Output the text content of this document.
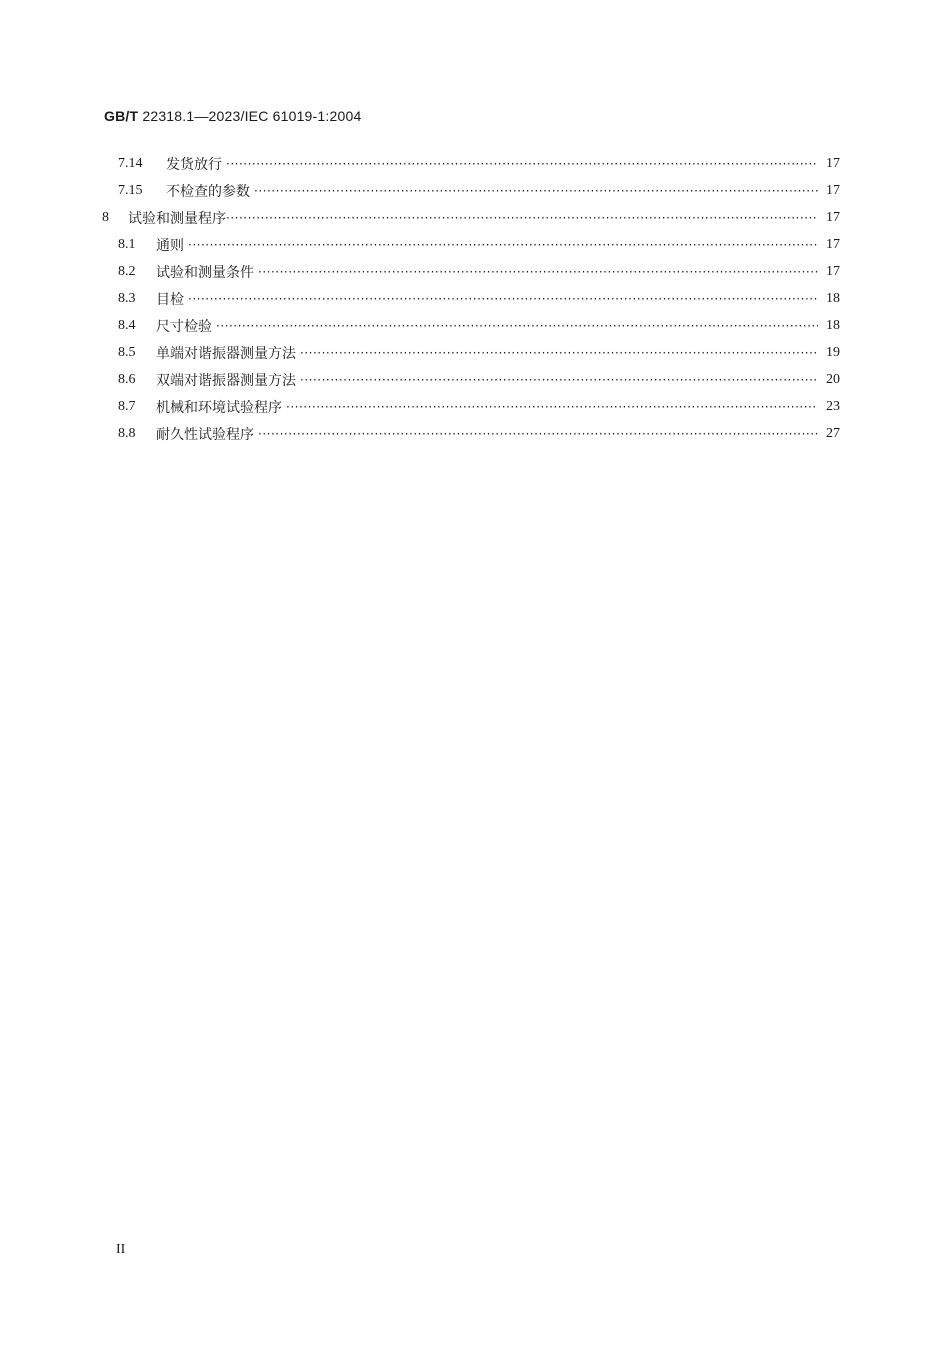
GB/T 22318.1—2023/IEC 61019-1:2004
7.14	发货放行 ·····	17
7.15	不检查的参数 ·····	17
8	试验和测量程序 ·····	17
8.1	通则 ·····	17
8.2	试验和测量条件 ·····	17
8.3	目检 ·····	18
8.4	尺寸检验 ·····	18
8.5	单端对谐振器测量方法 ·····	19
8.6	双端对谐振器测量方法 ·····	20
8.7	机械和环境试验程序 ·····	23
8.8	耐久性试验程序 ·····	27
II
